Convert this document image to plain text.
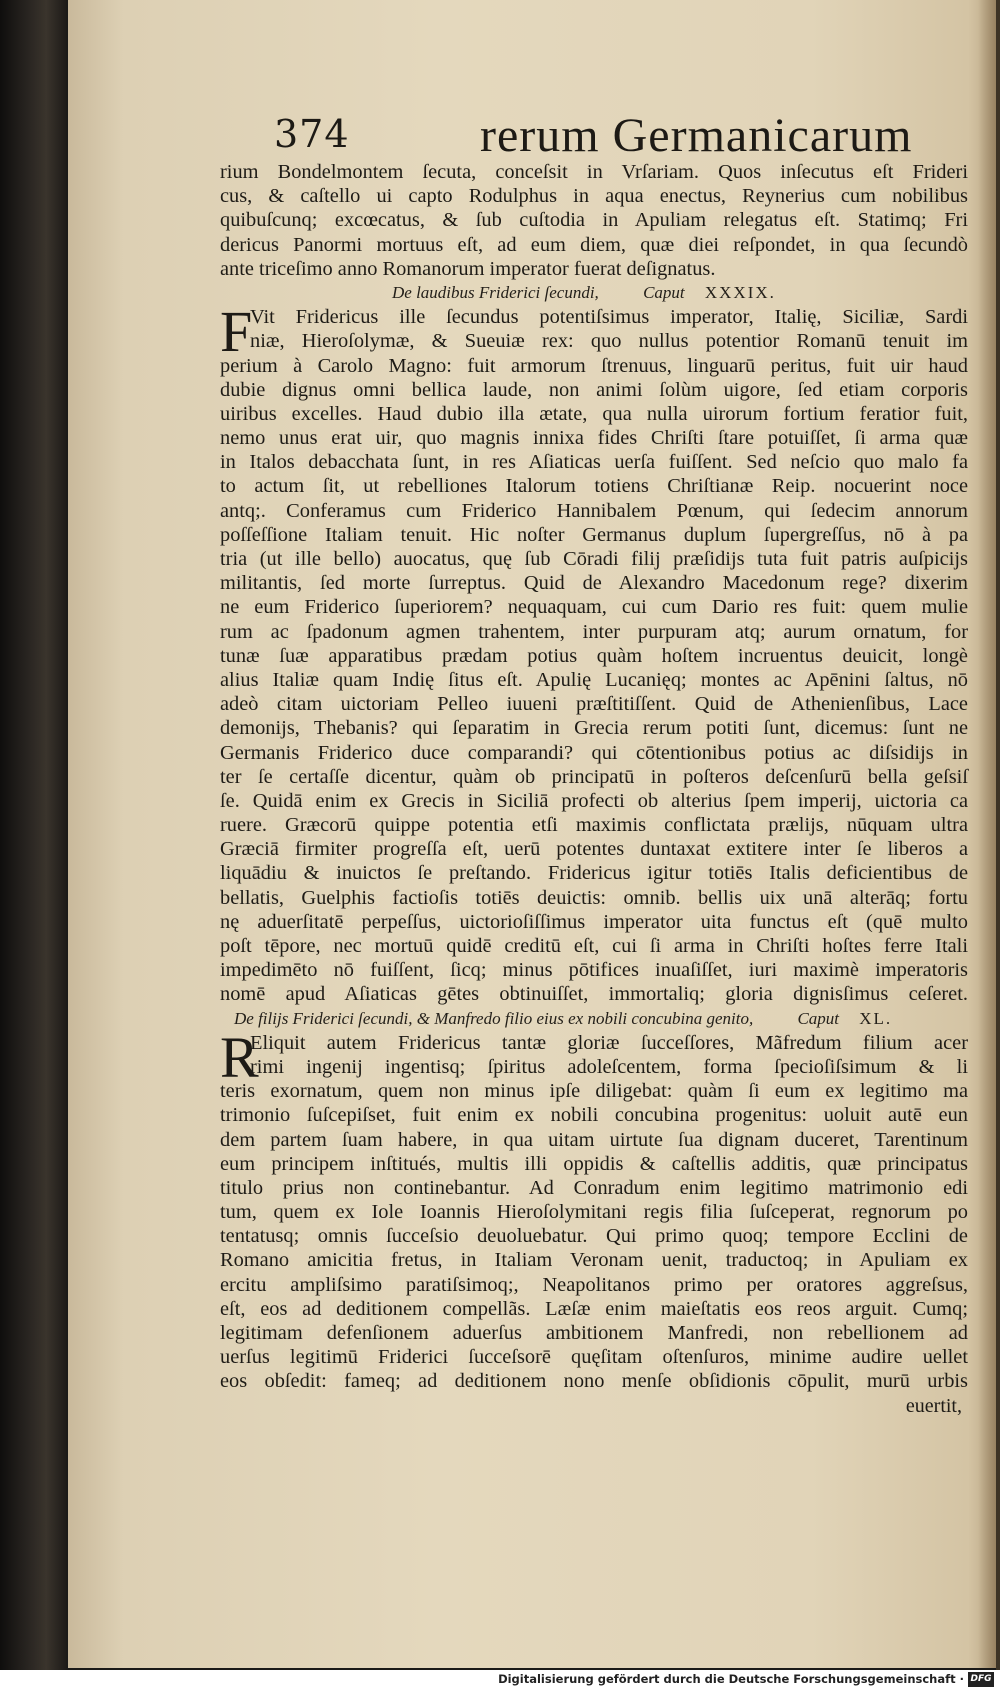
374	rerum Germanicarum
rium Bondelmontem ſecuta, conceſsit in Vrſariam. Quos inſecutus eſt Frideri
cus, & caſtello ui capto Rodulphus in aqua enectus, Reynerius cum nobilibus
quibuſcunq; excœcatus, & ſub cuſtodia in Apuliam relegatus eſt. Statimq; Fri
dericus Panormi mortuus eſt, ad eum diem, quæ diei reſpondet, in qua ſecundò
ante triceſimo anno Romanorum imperator fuerat deſignatus.
De laudibus Friderici ſecundi,	Caput XXXIX.
F
Vit Fridericus ille ſecundus potentiſsimus imperator, Italię, Siciliæ, Sardi
niæ, Hieroſolymæ, & Sueuiæ rex: quo nullus potentior Romanū tenuit im
perium à Carolo Magno: fuit armorum ſtrenuus, linguarū peritus, fuit uir haud
dubie dignus omni bellica laude, non animi ſolùm uigore, ſed etiam corporis
uiribus excelles. Haud dubio illa ætate, qua nulla uirorum fortium feratior fuit,
nemo unus erat uir, quo magnis innixa fides Chriſti ſtare potuiſſet, ſi arma quæ
in Italos debacchata ſunt, in res Aſiaticas uerſa fuiſſent. Sed neſcio quo malo fa
to actum ſit, ut rebelliones Italorum totiens Chriſtianæ Reip. nocuerint noce
antq;. Conferamus cum Friderico Hannibalem Pœnum, qui ſedecim annorum
poſſeſſione Italiam tenuit. Hic noſter Germanus duplum ſupergreſſus, nō à pa
tria (ut ille bello) auocatus, quę ſub Cōradi filij præſidijs tuta fuit patris auſpicijs
militantis, ſed morte ſurreptus. Quid de Alexandro Macedonum rege? dixerim
ne eum Friderico ſuperiorem? nequaquam, cui cum Dario res fuit: quem mulie
rum ac ſpadonum agmen trahentem, inter purpuram atq; aurum ornatum, for
tunæ ſuæ apparatibus prædam potius quàm hoſtem incruentus deuicit, longè
alius Italiæ quam Indię ſitus eſt. Apulię Lucanięq; montes ac Apēnini ſaltus, nō
adeò citam uictoriam Pelleo iuueni præſtitiſſent. Quid de Athenienſibus, Lace
demonijs, Thebanis? qui ſeparatim in Grecia rerum potiti ſunt, dicemus: ſunt ne
Germanis Friderico duce comparandi? qui cōtentionibus potius ac diſsidijs in
ter ſe certaſſe dicentur, quàm ob principatū in poſteros deſcenſurū bella geſsiſ
ſe. Quidā enim ex Grecis in Siciliā profecti ob alterius ſpem imperij, uictoria ca
ruere. Græcorū quippe potentia etſi maximis conflictata prælijs, nūquam ultra
Græciā firmiter progreſſa eſt, uerū potentes duntaxat extitere inter ſe liberos a
liquādiu & inuictos ſe preſtando. Fridericus igitur totiēs Italis deficientibus de
bellatis, Guelphis factioſis totiēs deuictis: omnib. bellis uix unā alterāq; fortu
nę aduerſitatē perpeſſus, uictorioſiſſimus imperator uita functus eſt (quē multo
poſt tēpore, nec mortuū quidē creditū eſt, cui ſi arma in Chriſti hoſtes ferre Itali
impedimēto nō fuiſſent, ſicq; minus pōtifices inuaſiſſet, iuri maximè imperatoris
nomē apud Aſiaticas gētes obtinuiſſet, immortaliq; gloria dignisſimus ceſeret.
De filijs Friderici ſecundi, & Manfredo filio eius ex nobili concubina genito,	Caput XL.
R
Eliquit autem Fridericus tantæ gloriæ ſucceſſores, Mãfredum filium acer
rimi ingenij ingentisq; ſpiritus adoleſcentem, forma ſpecioſiſsimum & li
teris exornatum, quem non minus ipſe diligebat: quàm ſi eum ex legitimo ma
trimonio ſuſcepiſset, fuit enim ex nobili concubina progenitus: uoluit autē eun
dem partem ſuam habere, in qua uitam uirtute ſua dignam duceret, Tarentinum
eum principem inſtitués, multis illi oppidis & caſtellis additis, quæ principatus
titulo prius non continebantur. Ad Conradum enim legitimo matrimonio edi
tum, quem ex Iole Ioannis Hieroſolymitani regis filia ſuſceperat, regnorum po
tentatusq; omnis ſucceſsio deuoluebatur. Qui primo quoq; tempore Ecclini de
Romano amicitia fretus, in Italiam Veronam uenit, traductoq; in Apuliam ex
ercitu ampliſsimo paratiſsimoq;, Neapolitanos primo per oratores aggreſsus,
eſt, eos ad deditionem compellãs. Læſæ enim maieſtatis eos reos arguit. Cumq;
legitimam defenſionem aduerſus ambitionem Manfredi, non rebellionem ad
uerſus legitimū Friderici ſucceſsorē quęſitam oſtenſuros, minime audire uellet
eos obſedit: fameq; ad deditionem nono menſe obſidionis cōpulit, murū urbis
euertit,
Digitalisierung gefördert durch die Deutsche Forschungsgemeinschaft · DFG
